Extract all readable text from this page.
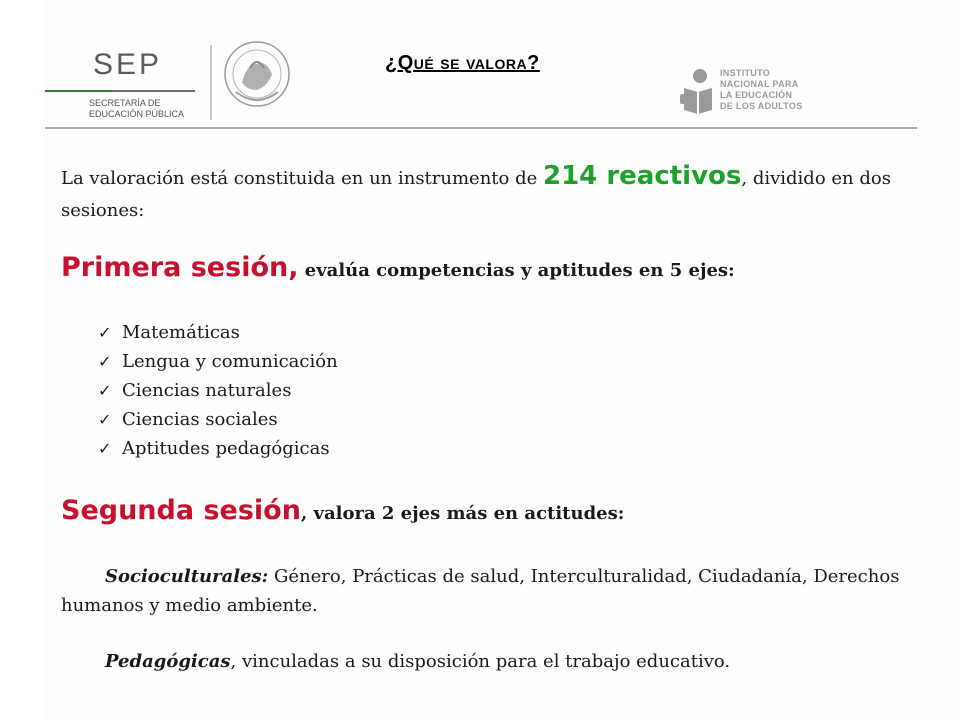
SEP
SECRETARÍA DE
EDUCACIÓN PÚBLICA
¿Qué se valora?	INSTITUTO
NACIONAL PARA
LA EDUCACIÓN
DE LOS ADULTOS
La valoración está constituida en un instrumento de 214 reactivos, dividido en dos sesiones:
Primera sesión, evalúa competencias y aptitudes en 5 ejes:
✓ Matemáticas
✓ Lengua y comunicación
✓ Ciencias naturales
✓ Ciencias sociales
✓ Aptitudes pedagógicas
Segunda sesión, valora 2 ejes más en actitudes:
Socioculturales: Género, Prácticas de salud, Interculturalidad, Ciudadanía, Derechos humanos y medio ambiente.
Pedagógicas, vinculadas a su disposición para el trabajo educativo.
